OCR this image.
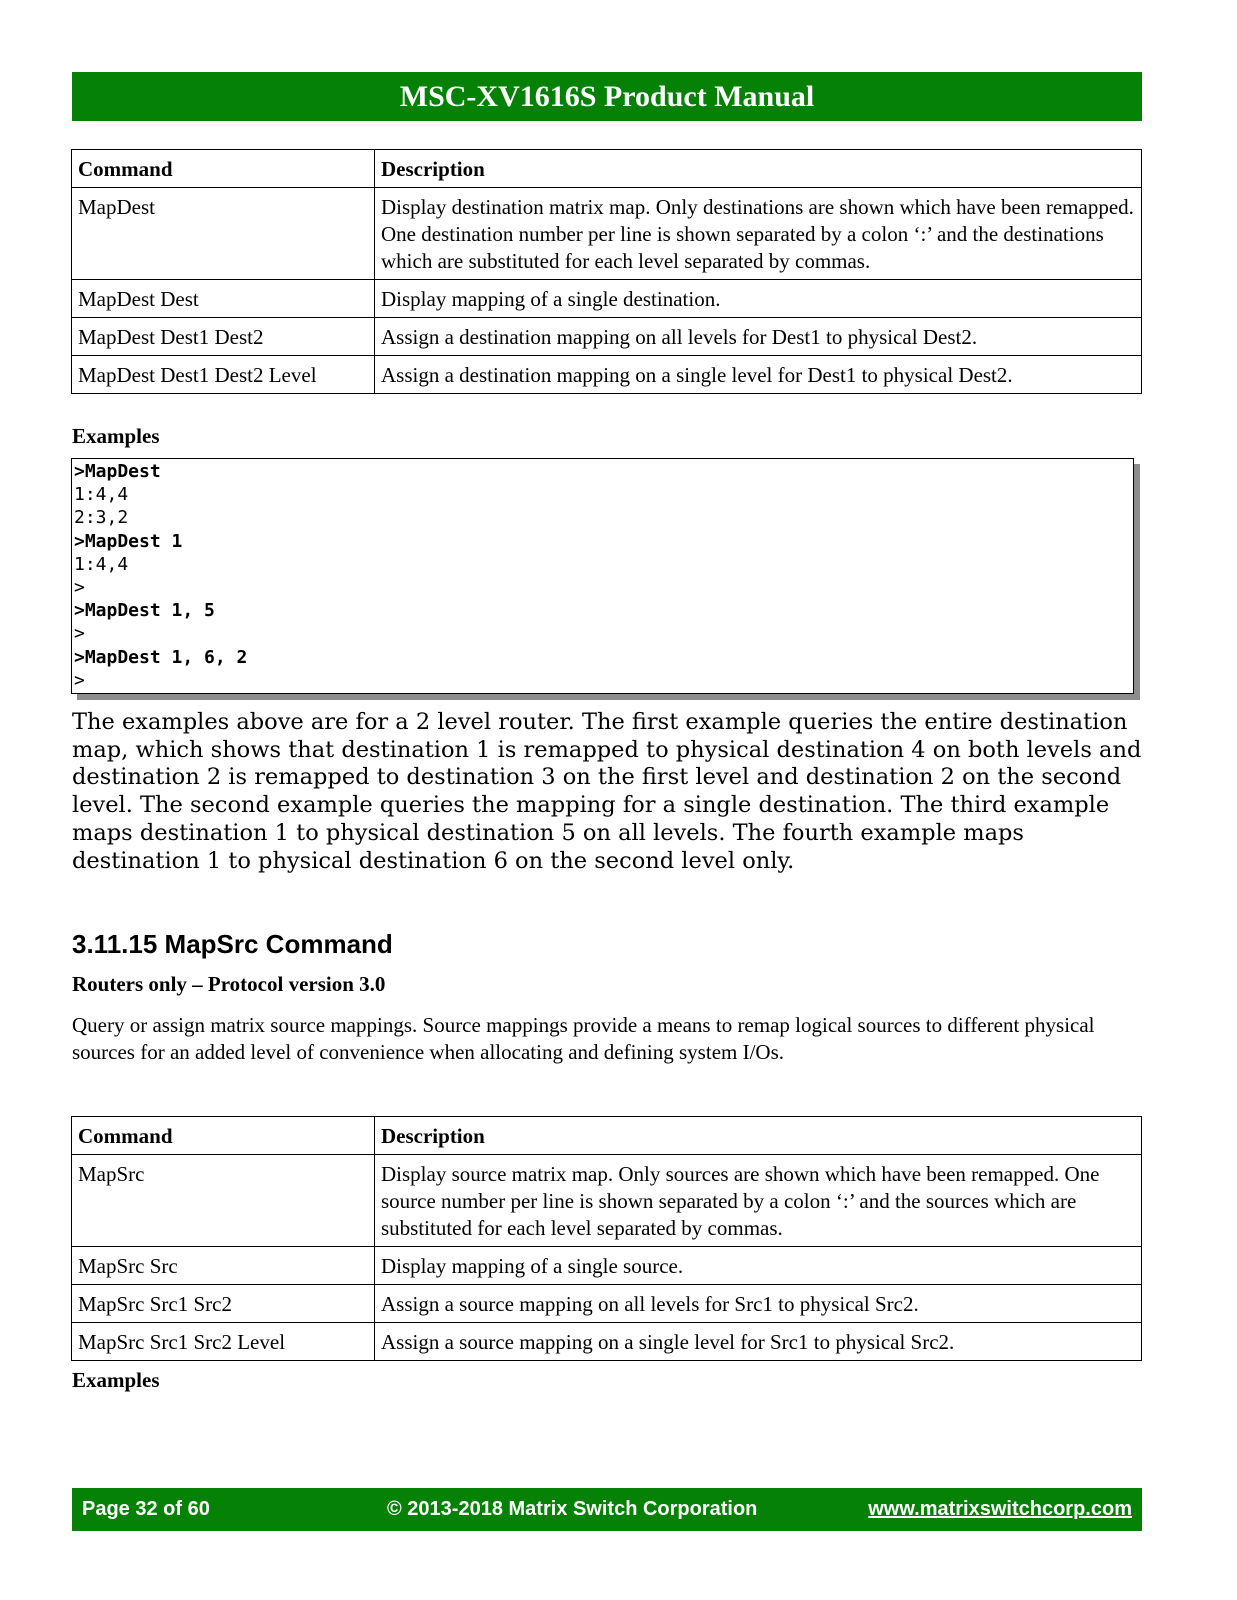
MSC-XV1616S Product Manual
Command	Description
MapDest	Display destination matrix map. Only destinations are shown which have been remapped. One destination number per line is shown separated by a colon ‘:’ and the destinations which are substituted for each level separated by commas.
MapDest Dest	Display mapping of a single destination.
MapDest Dest1 Dest2	Assign a destination mapping on all levels for Dest1 to physical Dest2.
MapDest Dest1 Dest2 Level	Assign a destination mapping on a single level for Dest1 to physical Dest2.
Examples
>MapDest
1:4,4
2:3,2
>MapDest 1
1:4,4
>
>MapDest 1, 5
>
>MapDest 1, 6, 2
>

The examples above are for a 2 level router. The first example queries the entire destination map, which shows that destination 1 is remapped to physical destination 4 on both levels and destination 2 is remapped to destination 3 on the first level and destination 2 on the second level. The second example queries the mapping for a single destination. The third example maps destination 1 to physical destination 5 on all levels. The fourth example maps destination 1 to physical destination 6 on the second level only.

3.11.15 MapSrc Command
Routers only – Protocol version 3.0

Query or assign matrix source mappings. Source mappings provide a means to remap logical sources to different physical sources for an added level of convenience when allocating and defining system I/Os.

Command	Description
MapSrc	Display source matrix map. Only sources are shown which have been remapped. One source number per line is shown separated by a colon ‘:’ and the sources which are substituted for each level separated by commas.
MapSrc Src	Display mapping of a single source.
MapSrc Src1 Src2	Assign a source mapping on all levels for Src1 to physical Src2.
MapSrc Src1 Src2 Level	Assign a source mapping on a single level for Src1 to physical Src2.
Examples
Page 32 of 60	© 2013-2018 Matrix Switch Corporation	www.matrixswitchcorp.com
